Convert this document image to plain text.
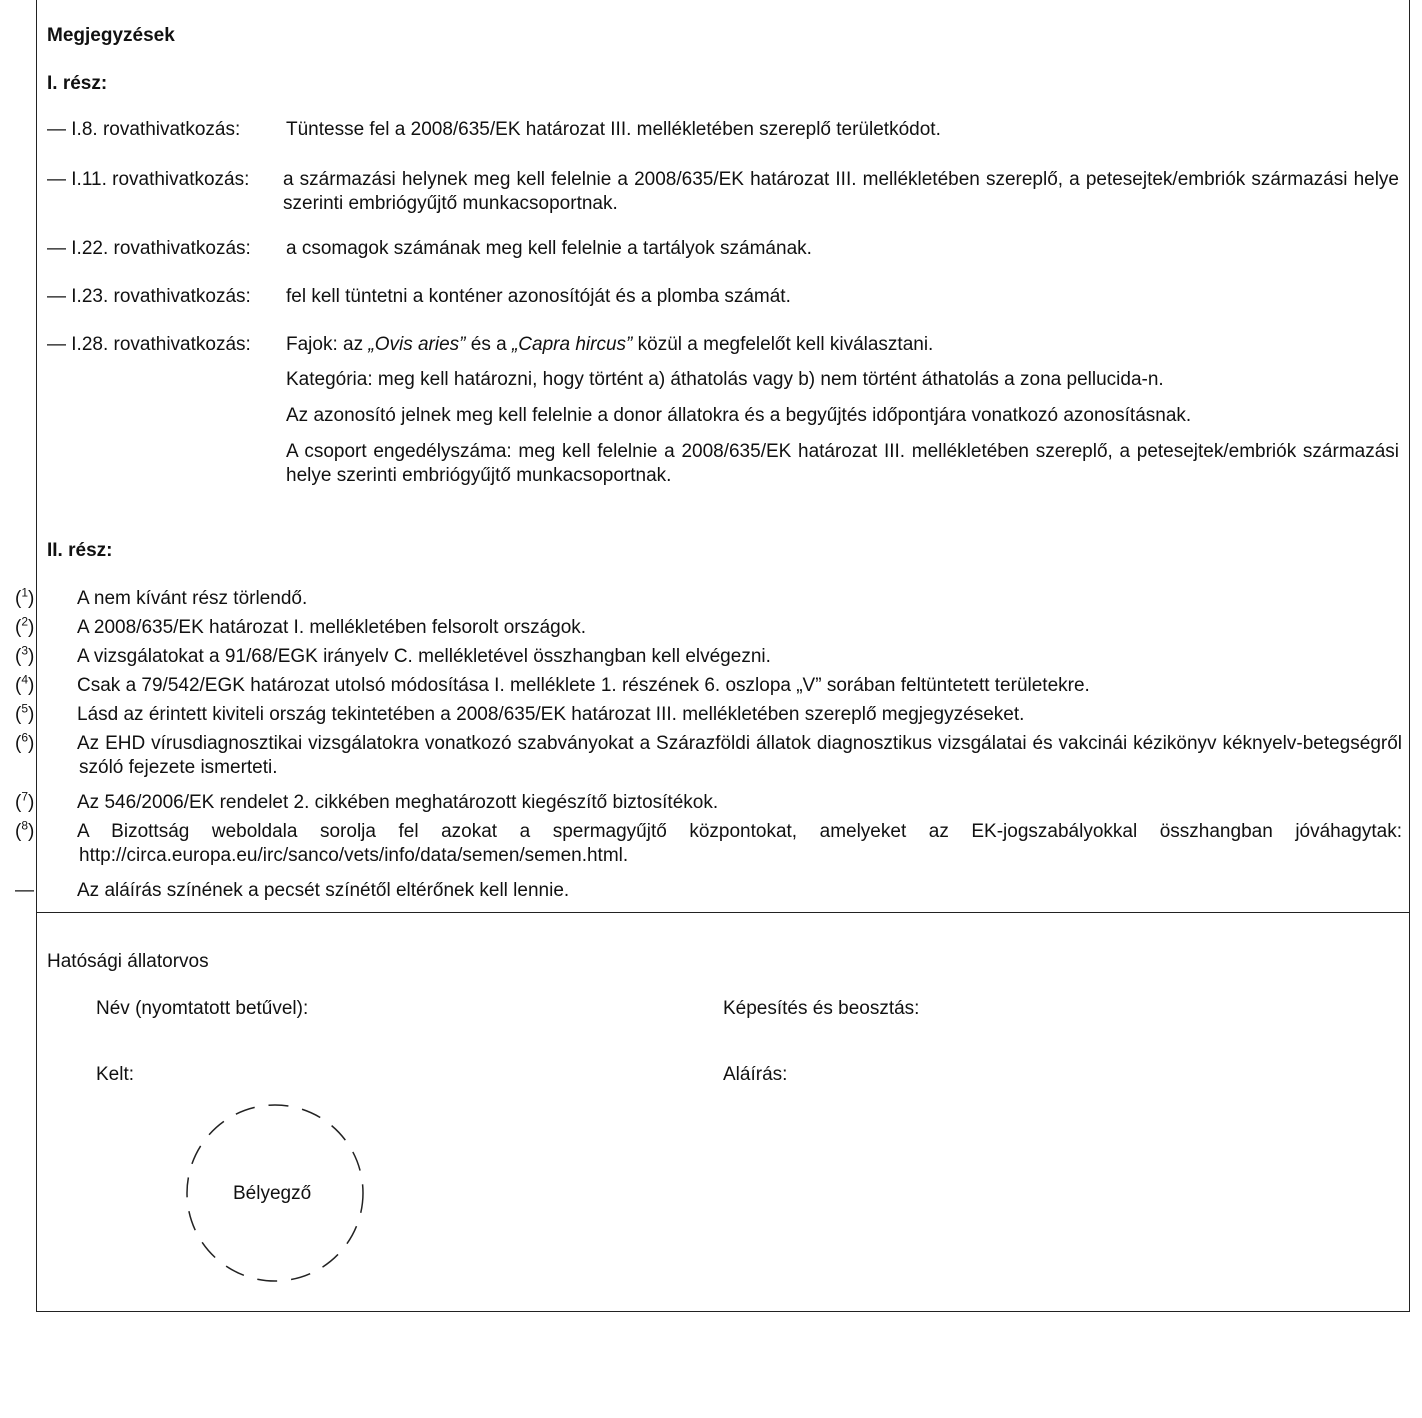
Megjegyzések
I. rész:
— I.8. rovathivatkozás: Tüntesse fel a 2008/635/EK határozat III. mellékletében szereplő területkódot.
— I.11. rovathivatkozás: a származási helynek meg kell felelnie a 2008/635/EK határozat III. mellékletében szereplő, a petesejtek/embriók származási helye szerinti embriógyűjtő munkacsoportnak.
— I.22. rovathivatkozás: a csomagok számának meg kell felelnie a tartályok számának.
— I.23. rovathivatkozás: fel kell tüntetni a konténer azonosítóját és a plomba számát.
— I.28. rovathivatkozás: Fajok: az „Ovis aries” és a „Capra hircus” közül a megfelelőt kell kiválasztani.
Kategória: meg kell határozni, hogy történt a) áthatolás vagy b) nem történt áthatolás a zona pellucida-n.
Az azonosító jelnek meg kell felelnie a donor állatokra és a begyűjtés időpontjára vonatkozó azonosításnak.
A csoport engedélyszáma: meg kell felelnie a 2008/635/EK határozat III. mellékletében szereplő, a petesejtek/embriók származási helye szerinti embriógyűjtő munkacsoportnak.
II. rész:
($^1$) A nem kívánt rész törlendő.
($^2$) A 2008/635/EK határozat I. mellékletében felsorolt országok.
($^3$) A vizsgálatokat a 91/68/EGK irányelv C. mellékletével összhangban kell elvégezni.
($^4$) Csak a 79/542/EGK határozat utolsó módosítása I. melléklete 1. részének 6. oszlopa „V” sorában feltüntetett területekre.
($^5$) Lásd az érintett kiviteli ország tekintetében a 2008/635/EK határozat III. mellékletében szereplő megjegyzéseket.
($^6$) Az EHD vírusdiagnosztikai vizsgálatokra vonatkozó szabványokat a Szárazföldi állatok diagnosztikus vizsgálatai és vakcinái kézikönyv kéknyelv-betegségről szóló fejezete ismerteti.
($^7$) Az 546/2006/EK rendelet 2. cikkében meghatározott kiegészítő biztosítékok.
($^8$) A Bizottság weboldala sorolja fel azokat a spermagyűjtő központokat, amelyeket az EK-jogszabályokkal összhangban jóváhagytak: http://circa.europa.eu/irc/sanco/vets/info/data/semen/semen.html.
— Az aláírás színének a pecsét színétől eltérőnek kell lennie.
Hatósági állatorvos
Név (nyomtatott betűvel):	Képesítés és beosztás:
Kelt:	Aláírás:
Bélyegző
